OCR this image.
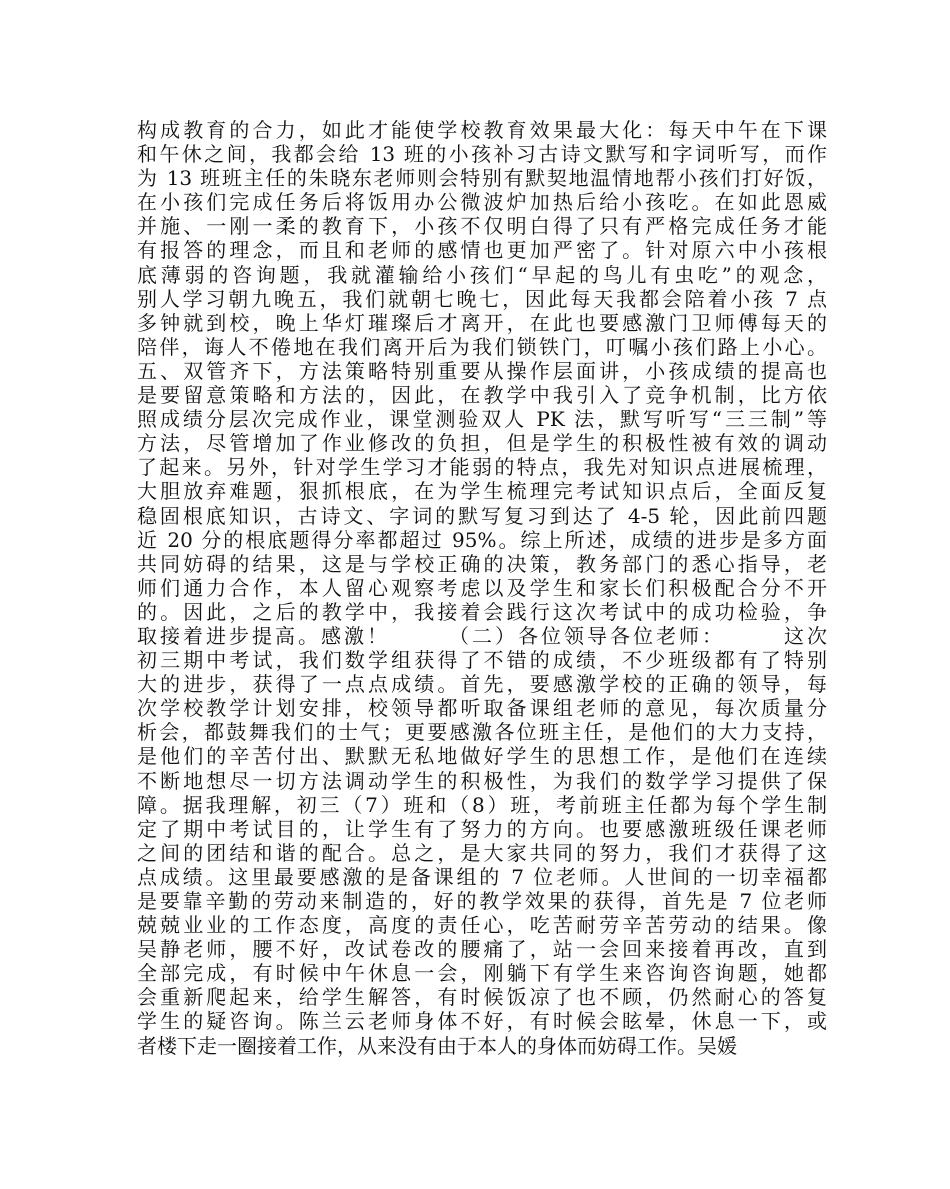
构成教育的合力，如此才能使学校教育效果最大化：每天中午在下课
和午休之间，我都会给 13 班的小孩补习古诗文默写和字词听写，而作
为 13 班班主任的朱晓东老师则会特别有默契地温情地帮小孩们打好饭，
在小孩们完成任务后将饭用办公微波炉加热后给小孩吃。在如此恩威
并施、一刚一柔的教育下，小孩不仅明白得了只有严格完成任务才能
有报答的理念，而且和老师的感情也更加严密了。针对原六中小孩根
底薄弱的咨询题，我就灌输给小孩们“早起的鸟儿有虫吃”的观念，
别人学习朝九晚五，我们就朝七晚七，因此每天我都会陪着小孩 7 点
多钟就到校，晚上华灯璀璨后才离开，在此也要感激门卫师傅每天的
陪伴，诲人不倦地在我们离开后为我们锁铁门，叮嘱小孩们路上小心。
五、双管齐下，方法策略特别重要从操作层面讲，小孩成绩的提高也
是要留意策略和方法的，因此，在教学中我引入了竞争机制，比方依
照成绩分层次完成作业，课堂测验双人 PK 法，默写听写“三三制”等
方法，尽管增加了作业修改的负担，但是学生的积极性被有效的调动
了起来。另外，针对学生学习才能弱的特点，我先对知识点进展梳理，
大胆放弃难题，狠抓根底，在为学生梳理完考试知识点后，全面反复
稳固根底知识，古诗文、字词的默写复习到达了 4-5 轮，因此前四题
近 20 分的根底题得分率都超过 95%。综上所述，成绩的进步是多方面
共同妨碍的结果，这是与学校正确的决策，教务部门的悉心指导，老
师们通力合作，本人留心观察考虑以及学生和家长们积极配合分不开
的。因此，之后的教学中，我接着会践行这次考试中的成功检验，争
取接着进步提高。感激！　　　（二）各位领导各位老师：　　　这次
初三期中考试，我们数学组获得了不错的成绩，不少班级都有了特别
大的进步，获得了一点点成绩。首先，要感激学校的正确的领导，每
次学校教学计划安排，校领导都听取备课组老师的意见，每次质量分
析会，都鼓舞我们的士气；更要感激各位班主任，是他们的大力支持，
是他们的辛苦付出、默默无私地做好学生的思想工作，是他们在连续
不断地想尽一切方法调动学生的积极性，为我们的数学学习提供了保
障。据我理解，初三（7）班和（8）班，考前班主任都为每个学生制
定了期中考试目的，让学生有了努力的方向。也要感激班级任课老师
之间的团结和谐的配合。总之，是大家共同的努力，我们才获得了这
点成绩。这里最要感激的是备课组的 7 位老师。人世间的一切幸福都
是要靠辛勤的劳动来制造的，好的教学效果的获得，首先是 7 位老师
兢兢业业的工作态度，高度的责任心，吃苦耐劳辛苦劳动的结果。像
吴静老师，腰不好，改试卷改的腰痛了，站一会回来接着再改，直到
全部完成，有时候中午休息一会，刚躺下有学生来咨询咨询题，她都
会重新爬起来，给学生解答，有时候饭凉了也不顾，仍然耐心的答复
学生的疑咨询。陈兰云老师身体不好，有时候会眩晕，休息一下，或
者楼下走一圈接着工作，从来没有由于本人的身体而妨碍工作。吴媛
